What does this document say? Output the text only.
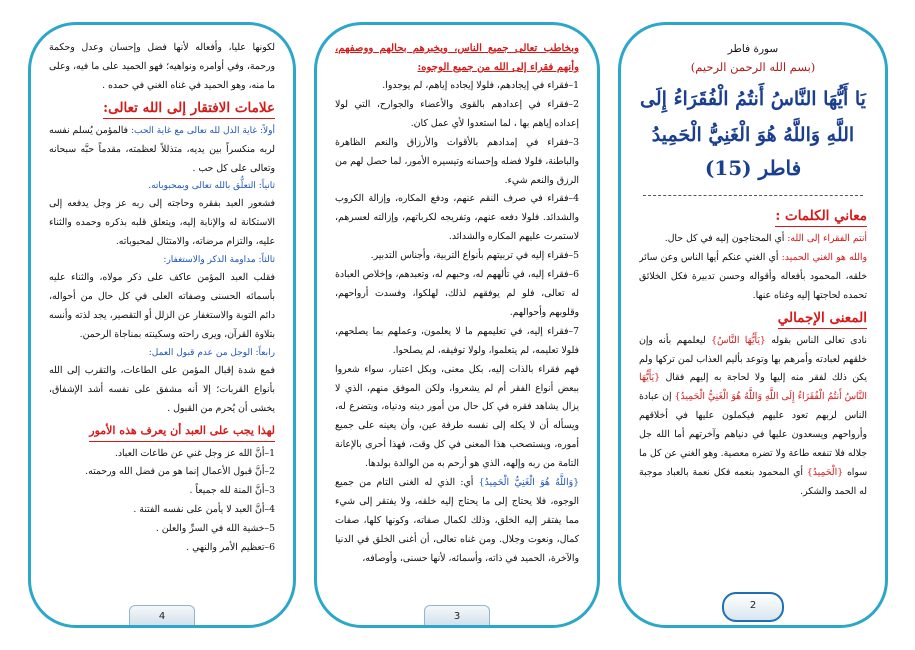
لكونها عليا، وأفعاله لأنها فضل وإحسان وعدل وحكمة ورحمة، وفي أوامره ونواهيه؛ فهو الحميد على ما فيه، وعلى ما منه، وهو الحميد في غناه الغني في حمده .

علامات الافتقار إلى الله تعالى:

أولاً: غاية الذل لله تعالى مع غاية الحب: فالمؤمن يُسلم نفسه لربه منكسراً بين يديه، متذللاً لعظمته، مقدماً حبَّه سبحانه وتعالى على كل حب .

ثانياً: التعلُّق بالله تعالى وبمحبوباته.

فشعور العبد بفقره وحاجته إلى ربه عز وجل يدفعه إلى الاستكانة له والإنابة إليه، ويتعلق قلبه بذكره وحمده والثناء عليه، والتزام مرضاته، والامتثال لمحبوباته.

ثالثاً: مداومة الذكر والاستغفار:

فقلب العبد المؤمن عاكف على ذكر مولاه، والثناء عليه بأسمائه الحسنى وصفاته العلى في كل حال من أحواله، دائم التوبة والاستغفار عن الزلل أو التقصير، يجد لذته وأنسه بتلاوة القرآن، ويرى راحته وسكينته بمناجاة الرحمن.

رابعاً: الوجل من عدم قبول العمل:

فمع شدة إقبال المؤمن على الطاعات، والتقرب إلى الله بأنواع القربات؛ إلا أنه مشفق على نفسه أشد الإشفاق، يخشى أن يُحرم من القبول .

لهذا يجب على العبد أن يعرف هذه الأمور

1–أنَّ الله عز وجل غني عن طاعات العباد.

2–أنَّ قبول الأعمال إنما هو من فضل الله ورحمته.

3–أنَّ المنة لله جميعاً .

4–أنَّ العبد لا يأمن على نفسه الفتنة .

5–خشية الله في السرِّ والعلن .

6–تعظيم الأمر والنهي .

4

وبخاطب تعالى جميع الناس، ويخبرهم بحالهم ووصفهم، وأنهم فقراء إلى الله من جميع الوجوه:

1–فقراء في إيجادهم، فلولا إيجاده إياهم، لم يوجدوا.

2–فقراء في إعدادهم بالقوى والأعضاء والجوارح، التي لولا إعداده إياهم بها ، لما استعدوا لأي عمل كان.

3–فقراء في إمدادهم بالأقوات والأرزاق والنعم الظاهرة والباطنة، فلولا فضله وإحسانه وتيسيره الأمور، لما حصل لهم من الرزق والنعم شيء.

4–فقراء في صرف النقم عنهم، ودفع المكاره، وإزالة الكروب والشدائد. فلولا دفعه عنهم، وتفريجه لكرباتهم، وإزالته لعسرهم، لاستمرت عليهم المكاره والشدائد.

5–فقراء إليه في تربيتهم بأنواع التربية، وأجناس التدبير.

6–فقراء إليه، في تألههم له، وحبهم له، وتعبدهم، وإخلاص العبادة له تعالى، فلو لم يوفقهم لذلك، لهلكوا، وفسدت أرواحهم، وقلوبهم وأحوالهم.

7–فقراء إليه، في تعليمهم ما لا يعلمون، وعملهم بما يصلحهم، فلولا تعليمه، لم يتعلموا، ولولا توفيقه، لم يصلحوا.

فهم فقراء بالذات إليه، بكل معنى، وبكل اعتبار، سواء شعروا ببعض أنواع الفقر أم لم يشعروا، ولكن الموفق منهم، الذي لا يزال يشاهد فقره في كل حال من أمور دينه ودنياه، ويتضرع له، ويسأله أن لا يكله إلى نفسه طرفة عين، وأن يعينه على جميع أموره، ويستصحب هذا المعنى في كل وقت، فهذا أحرى بالإعانة التامة من ربه وإلهه، الذي هو أرحم به من الوالدة بولدها.

{وَاللَّهُ هُوَ الْغَنِيُّ الْحَمِيدُ} أي: الذي له الغنى التام من جميع الوجوه، فلا يحتاج إلى ما يحتاج إليه خلقه، ولا يفتقر إلى شيء مما يفتقر إليه الخلق، وذلك لكمال صفاته، وكونها كلها، صفات كمال، ونعوت وجلال. ومن غناه تعالى، أن أغنى الخلق في الدنيا والآخرة، الحميد في ذاته، وأسمائه، لأنها حسنى، وأوصافه،

3

سورة فاطر

(بسم الله الرحمن الرحيم)

يَا أَيُّهَا النَّاسُ أَنتُمُ الْفُقَرَاءُ إِلَى اللَّهِ وَاللَّهُ هُوَ الْغَنِيُّ الْحَمِيدُ

فاطر (15)

معاني الكلمات :

أنتم الفقراء إلى الله: أي المحتاجون إليه في كل حال.

والله هو الغني الحميد: أي الغني عنكم أيها الناس وعن سائر خلقه، المحمود بأفعاله وأقواله وحسن تدبيرة فكل الخلائق تحمده لحاجتها إليه وغناه عنها.

المعنى الإجمالي

نادى تعالى الناس بقوله {يَأَيُّهَا النَّاسُ} ليعلمهم بأنه وإن خلقهم لعبادته وأمرهم بها وتوعد بأليم العذاب لمن تركها ولم يكن ذلك لفقر منه إليها ولا لحاجة به إليهم فقال {يَأَيُّهَا النَّاسُ أَنتُمُ الْفُقَرَاءُ إِلَى اللَّهِ وَاللَّهُ هُوَ الْغَنِيُّ الْحَمِيدُ} إن عبادة الناس لربهم تعود عليهم فيكملون عليها في أخلاقهم وأرواحهم ويسعدون عليها في دنياهم وآخرتهم أما الله جل جلاله فلا تنفعه طاعة ولا تضره معصية. وهو الغني عن كل ما سواه {الْحَمِيدُ} أي المحمود بنعمه فكل نعمة بالعباد موجبة له الحمد والشكر.

2
